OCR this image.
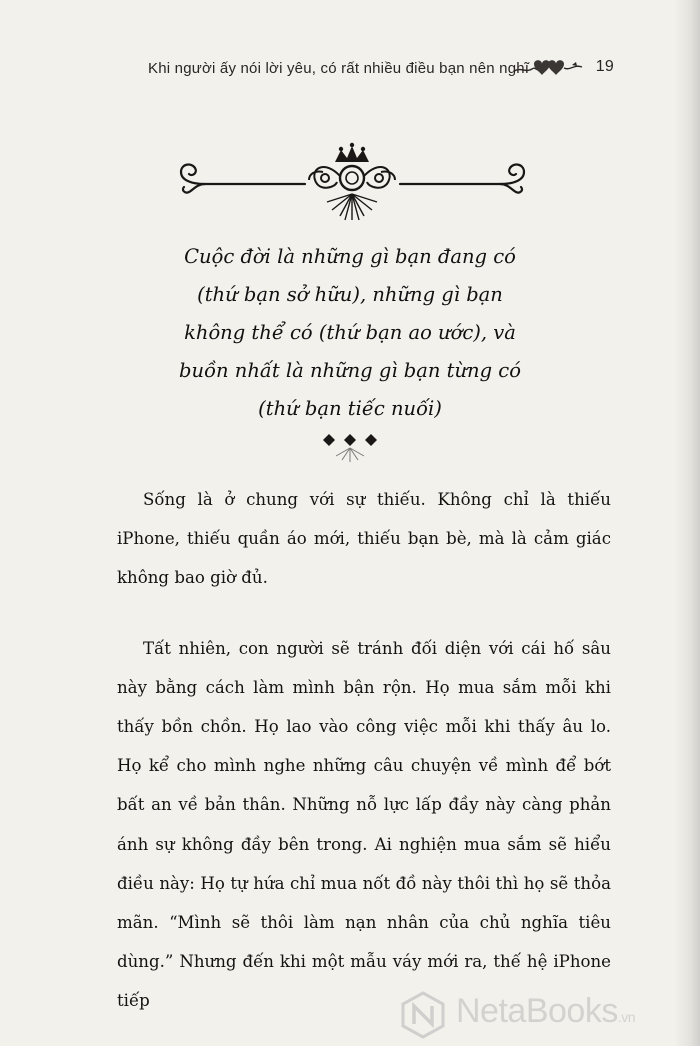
Khi người ấy nói lời yêu, có rất nhiều điều bạn nên nghĩ	19
Cuộc đời là những gì bạn đang có
(thứ bạn sở hữu), những gì bạn
không thể có (thứ bạn ao ước), và
buồn nhất là những gì bạn từng có
(thứ bạn tiếc nuối)

Sống là ở chung với sự thiếu. Không chỉ là thiếu iPhone, thiếu quần áo mới, thiếu bạn bè, mà là cảm giác không bao giờ đủ.

Tất nhiên, con người sẽ tránh đối diện với cái hố sâu này bằng cách làm mình bận rộn. Họ mua sắm mỗi khi thấy bồn chồn. Họ lao vào công việc mỗi khi thấy âu lo. Họ kể cho mình nghe những câu chuyện về mình để bớt bất an về bản thân. Những nỗ lực lấp đầy này càng phản ánh sự không đầy bên trong. Ai nghiện mua sắm sẽ hiểu điều này: Họ tự hứa chỉ mua nốt đồ này thôi thì họ sẽ thỏa mãn. “Mình sẽ thôi làm nạn nhân của chủ nghĩa tiêu dùng.” Nhưng đến khi một mẫu váy mới ra, thế hệ iPhone tiếp	NetaBooks.vn
